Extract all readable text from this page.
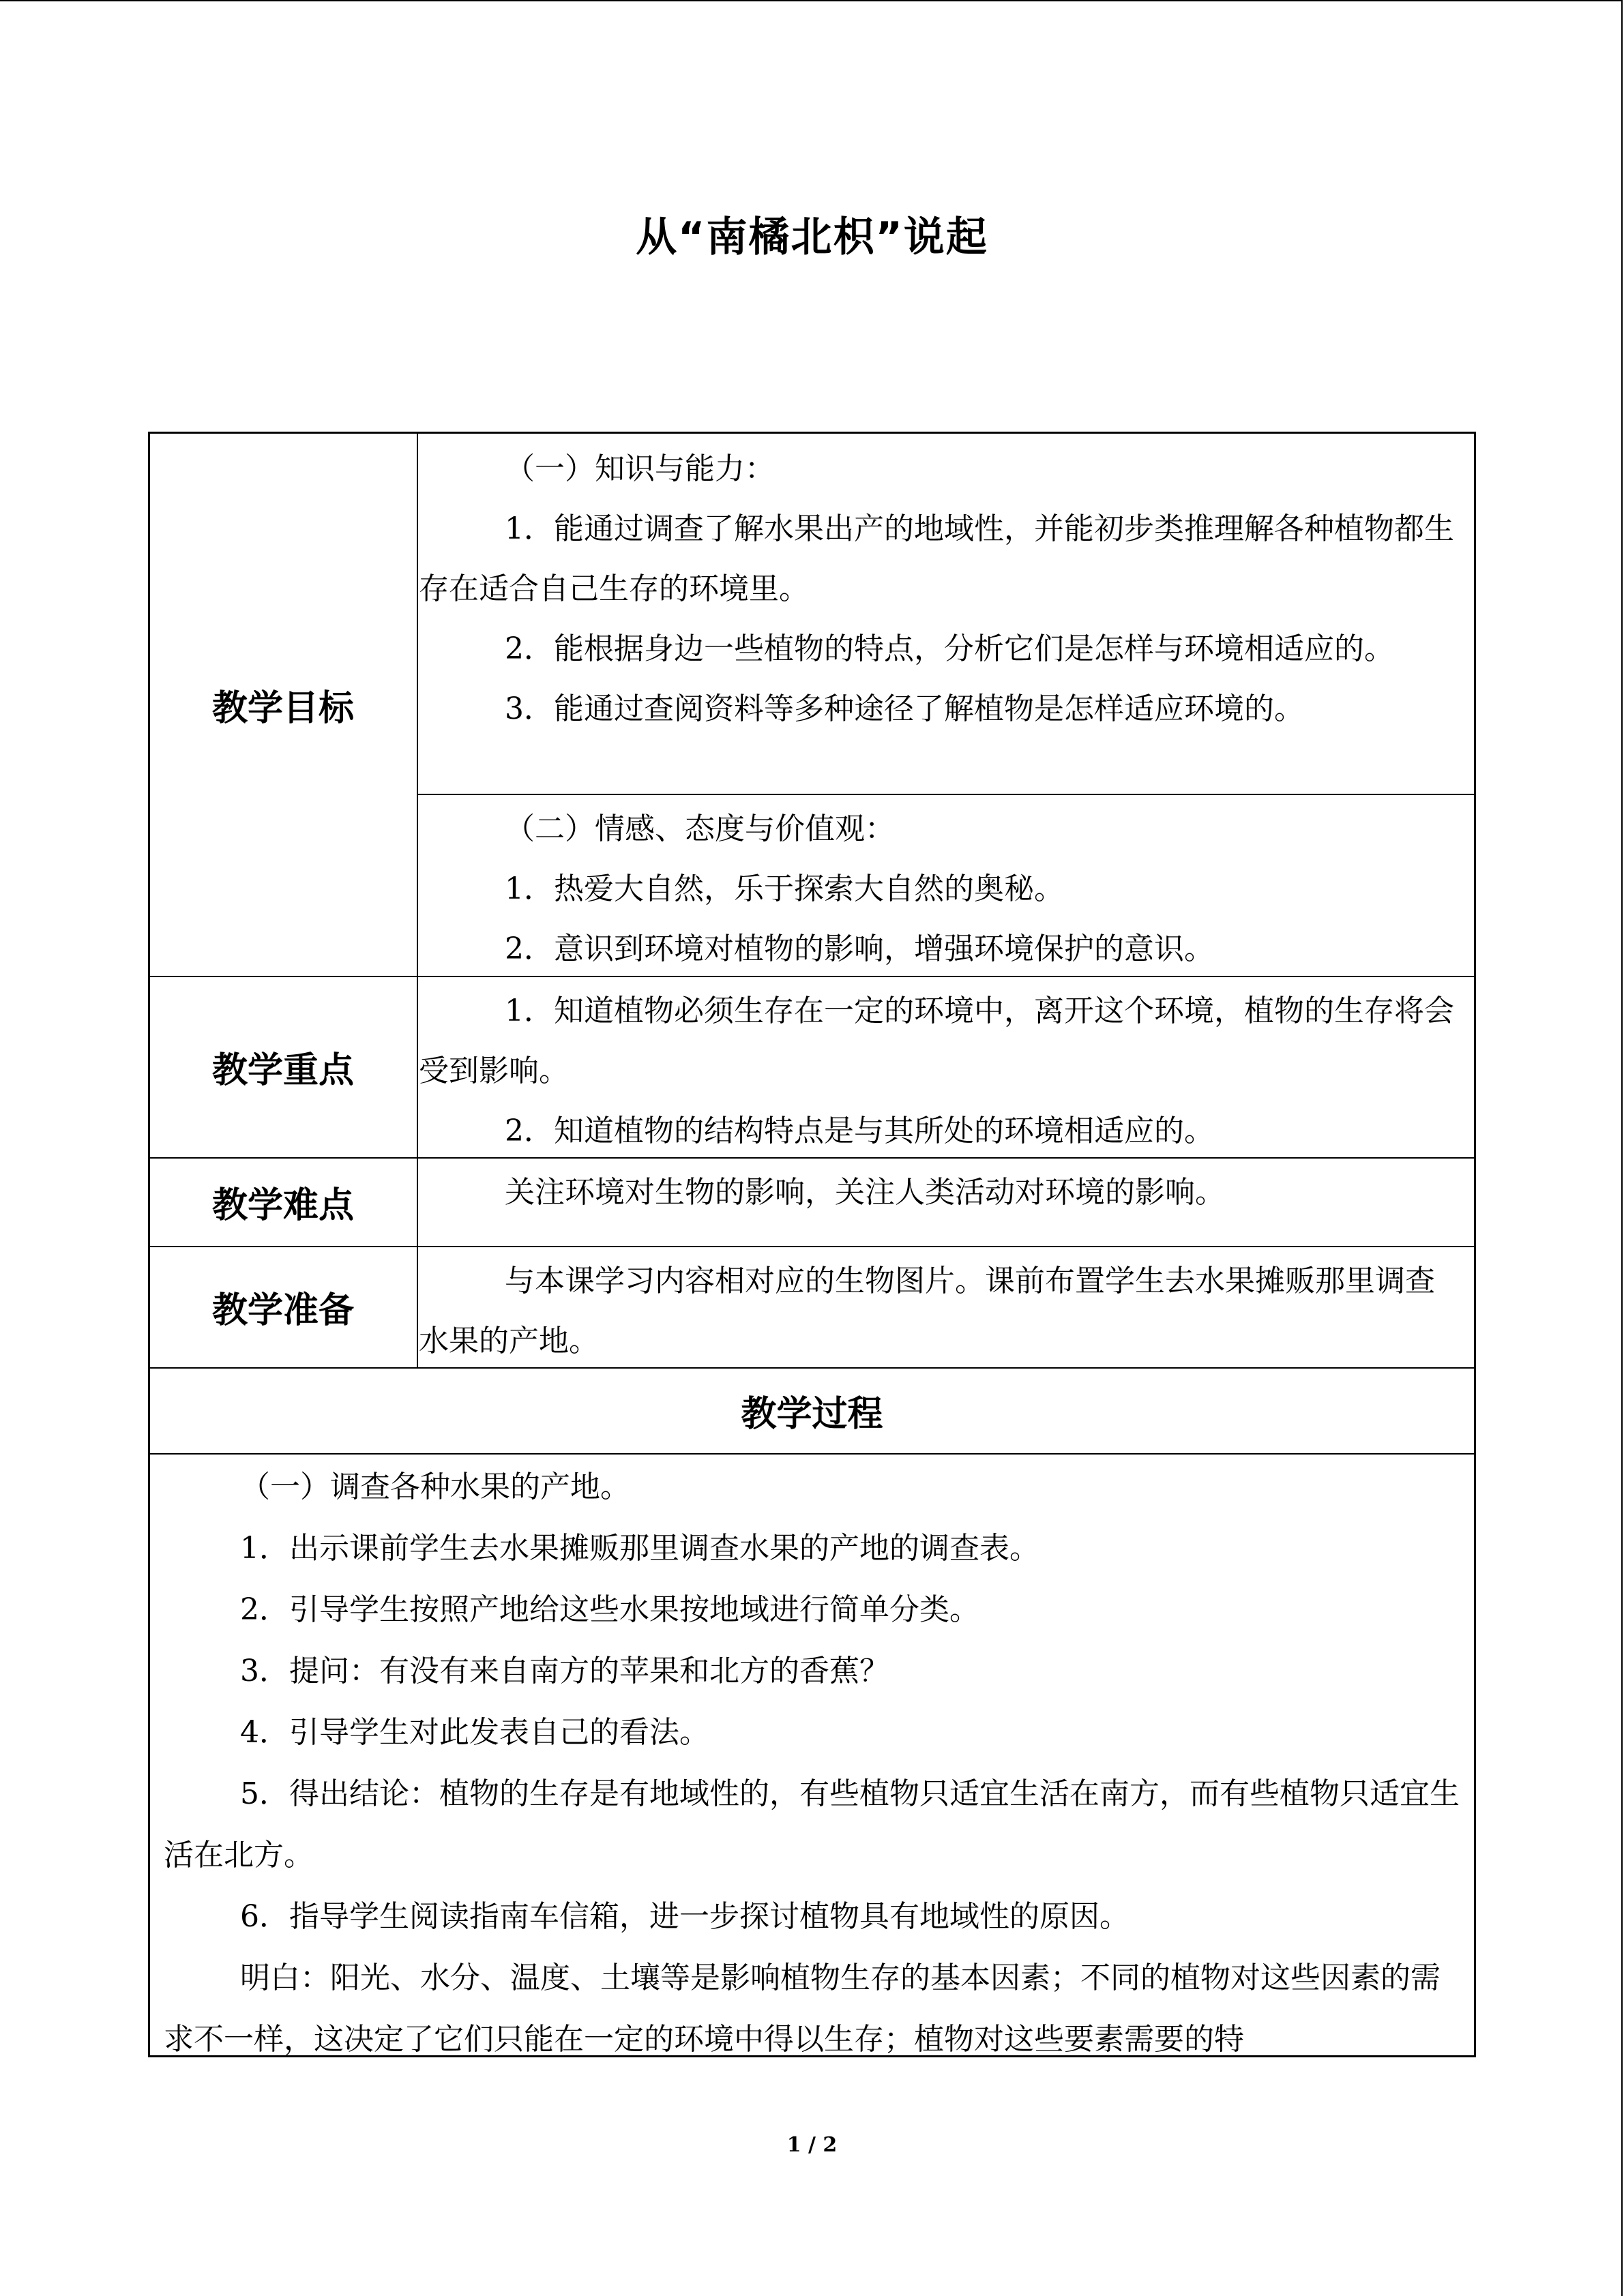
从“南橘北枳”说起
教学目标

（一）知识与能力：

1．能通过调查了解水果出产的地域性，并能初步类推理解各种植物都生存在适合自己生存的环境里。

2．能根据身边一些植物的特点，分析它们是怎样与环境相适应的。

3．能通过查阅资料等多种途径了解植物是怎样适应环境的。

（二）情感、态度与价值观：

1．热爱大自然，乐于探索大自然的奥秘。

2．意识到环境对植物的影响，增强环境保护的意识。

教学重点

1．知道植物必须生存在一定的环境中，离开这个环境，植物的生存将会受到影响。

2．知道植物的结构特点是与其所处的环境相适应的。

教学难点	关注环境对生物的影响，关注人类活动对环境的影响。

教学准备

与本课学习内容相对应的生物图片。课前布置学生去水果摊贩那里调查水果的产地。

教学过程

（一）调查各种水果的产地。

1．出示课前学生去水果摊贩那里调查水果的产地的调查表。

2．引导学生按照产地给这些水果按地域进行简单分类。

3．提问：有没有来自南方的苹果和北方的香蕉？

4．引导学生对此发表自己的看法。

5．得出结论：植物的生存是有地域性的，有些植物只适宜生活在南方，而有些植物只适宜生活在北方。

6．指导学生阅读指南车信箱，进一步探讨植物具有地域性的原因。

明白：阳光、水分、温度、土壤等是影响植物生存的基本因素；不同的植物对这些因素的需求不一样，这决定了它们只能在一定的环境中得以生存；植物对这些要素需要的特

1 / 2
